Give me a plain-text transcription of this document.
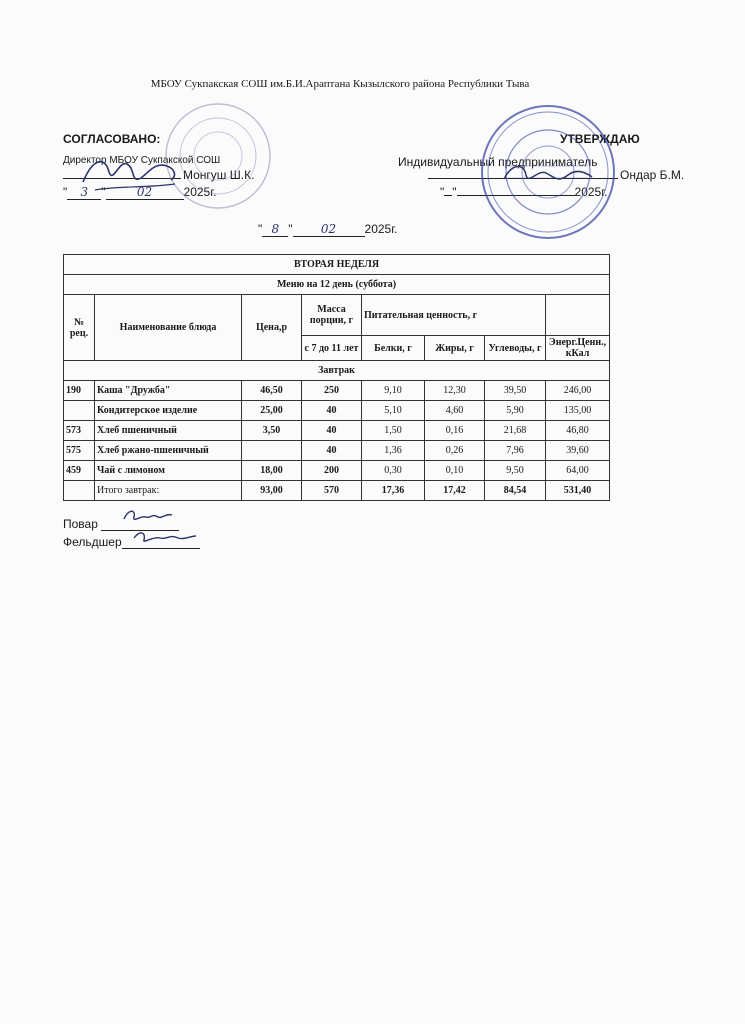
МБОУ Сукпакская СОШ им.Б.И.Араптана Кызылского района Республики Тыва
СОГЛАСОВАНО:
Директор МБОУ Сукпакской СОШ
Монгуш Ш.К.
" 3 "	02	2025г.
УТВЕРЖДАЮ
Индивидуальный предприниматель
Ондар Б.М.
" "	2025г.
" 8 " 02 2025г.
ВТОРАЯ НЕДЕЛЯ							
Меню на 12 день (суббота)							
№ рец.	Наименование блюда	Цена,р	Масса порции, г	Питательная ценность, г			
			с 7 до 11 лет	Белки, г	Жиры, г	Углеводы, г	Энерг.Ценн., кКал
Завтрак							
190	Каша "Дружба"	46,50	250	9,10	12,30	39,50	246,00
	Кондитерское изделие	25,00	40	5,10	4,60	5,90	135,00
573	Хлеб пшеничный	3,50	40	1,50	0,16	21,68	46,80
575	Хлеб ржано-пшеничный		40	1,36	0,26	7,96	39,60
459	Чай с лимоном	18,00	200	0,30	0,10	9,50	64,00
	Итого завтрак:	93,00	570	17,36	17,42	84,54	531,40
Повар
Фельдшер
